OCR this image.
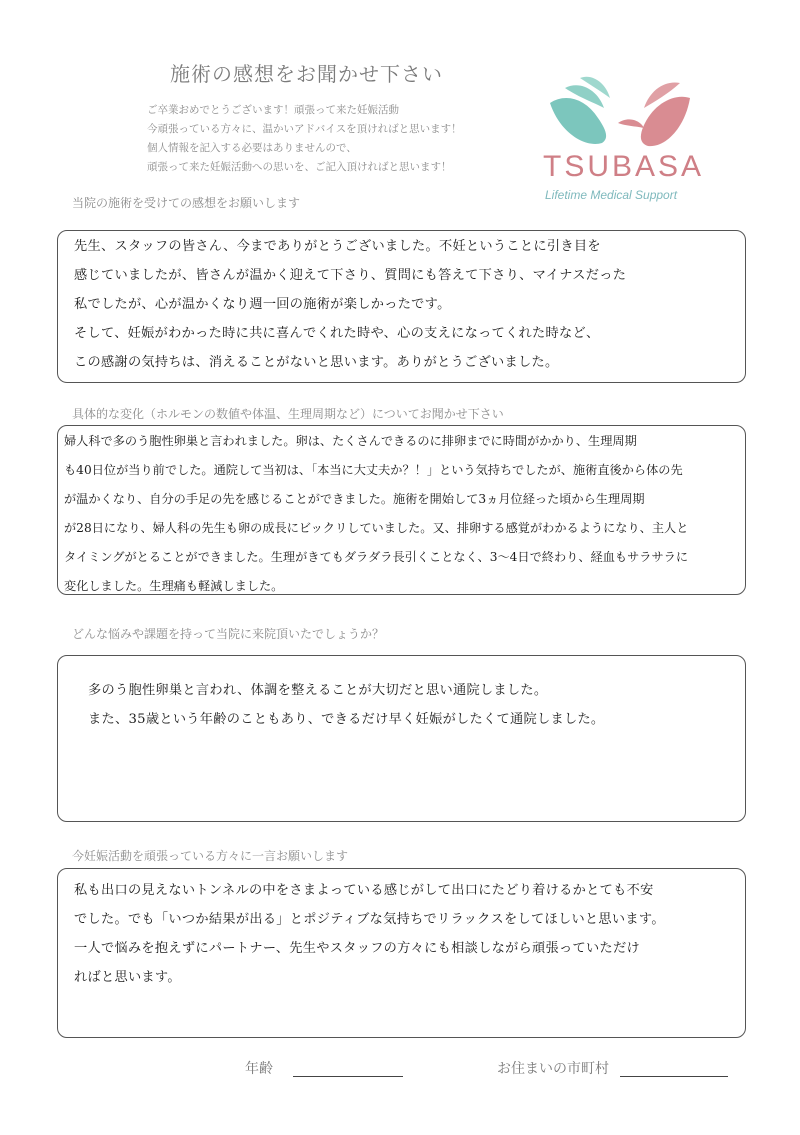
施術の感想をお聞かせ下さい
ご卒業おめでとうございます！頑張って来た妊娠活動
今頑張っている方々に、温かいアドバイスを頂ければと思います！
個人情報を記入する必要はありませんので、
頑張って来た妊娠活動への思いを、ご記入頂ければと思います！	TSUBASA
Lifetime Medical Support
当院の施術を受けての感想をお願いします
先生、スタッフの皆さん、今までありがとうございました。不妊ということに引き目を
感じていましたが、皆さんが温かく迎えて下さり、質問にも答えて下さり、マイナスだった
私でしたが、心が温かくなり週一回の施術が楽しかったです。
そして、妊娠がわかった時に共に喜んでくれた時や、心の支えになってくれた時など、
この感謝の気持ちは、消えることがないと思います。ありがとうございました。
具体的な変化（ホルモンの数値や体温、生理周期など）についてお聞かせ下さい
婦人科で多のう胞性卵巣と言われました。卵は、たくさんできるのに排卵までに時間がかかり、生理周期
も40日位が当り前でした。通院して当初は、「本当に大丈夫か？！」という気持ちでしたが、施術直後から体の先
が温かくなり、自分の手足の先を感じることができました。施術を開始して3ヵ月位経った頃から生理周期
が28日になり、婦人科の先生も卵の成長にビックリしていました。又、排卵する感覚がわかるようになり、主人と
タイミングがとることができました。生理がきてもダラダラ長引くことなく、3～4日で終わり、経血もサラサラに
変化しました。生理痛も軽減しました。
どんな悩みや課題を持って当院に来院頂いたでしょうか？
多のう胞性卵巣と言われ、体調を整えることが大切だと思い通院しました。
また、35歳という年齢のこともあり、できるだけ早く妊娠がしたくて通院しました。
今妊娠活動を頑張っている方々に一言お願いします
私も出口の見えないトンネルの中をさまよっている感じがして出口にたどり着けるかとても不安
でした。でも「いつか結果が出る」とポジティブな気持ちでリラックスをしてほしいと思います。
一人で悩みを抱えずにパートナー、先生やスタッフの方々にも相談しながら頑張っていただけ
ればと思います。
年齢	お住まいの市町村
